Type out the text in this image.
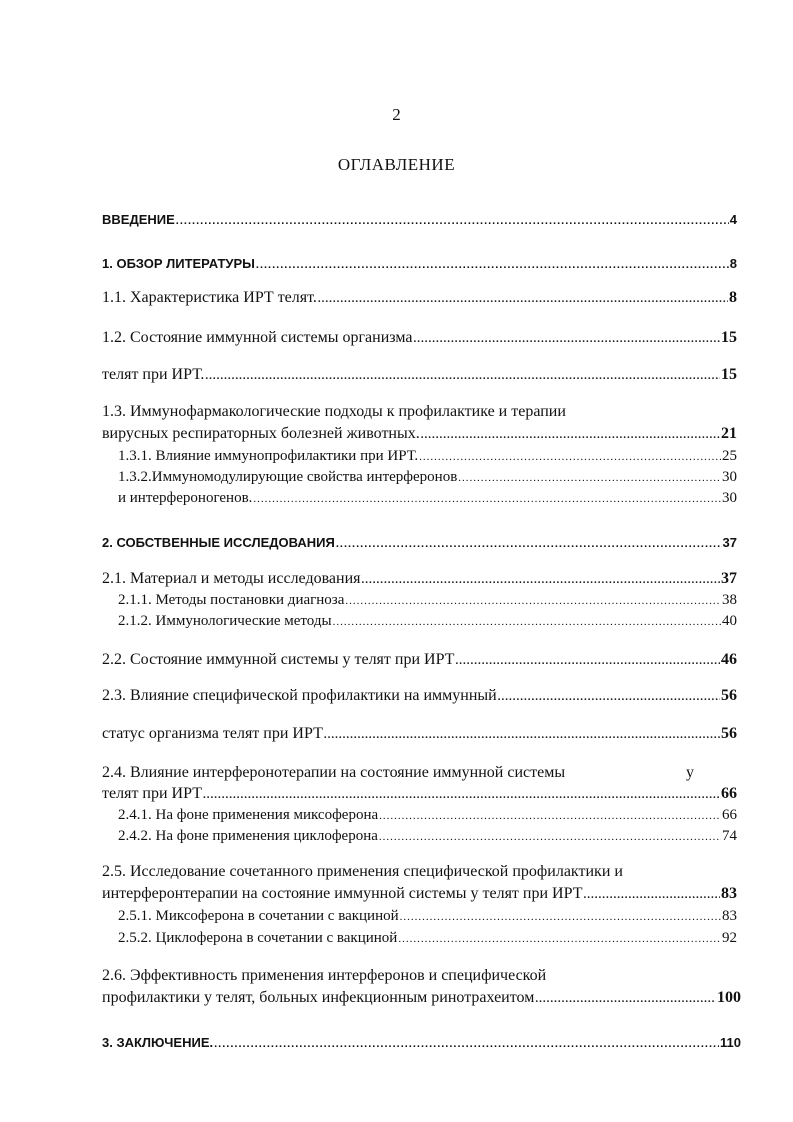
2
ОГЛАВЛЕНИЕ
ВВЕДЕНИЕ .....	4
1. ОБЗОР ЛИТЕРАТУРЫ .....	8
1.1. Характеристика ИРТ телят. .....	8
1.2. Состояние иммунной системы организма .....	15
телят при ИРТ. .....	15
1.3. Иммунофармакологические подходы к профилактике и терапии
вирусных респираторных болезней животных. .....	21
1.3.1. Влияние иммунопрофилактики при ИРТ. .....	25
1.3.2.Иммуномодулирующие свойства интерферонов .....	30
и интерфероногенов. .....	30
2. СОБСТВЕННЫЕ ИССЛЕДОВАНИЯ .....	37
2.1. Материал и методы исследования .....	37
2.1.1. Методы постановки диагноза .....	38
2.1.2. Иммунологические методы .....	40
2.2. Состояние иммунной системы у телят при ИРТ .....	46
2.3. Влияние специфической профилактики на иммунный .....	56
статус организма телят при ИРТ .....	56
2.4. Влияние интерферонотерапии на состояние иммунной системы	у
телят при ИРТ .....	66
2.4.1. На фоне применения миксоферона .....	66
2.4.2. На фоне применения циклоферона .....	74
2.5. Исследование сочетанного применения специфической профилактики и
интерферонтерапии на состояние иммунной системы у телят при ИРТ .....	83
2.5.1. Миксоферона в сочетании с вакциной .....	83
2.5.2. Циклоферона в сочетании с вакциной .....	92
2.6. Эффективность применения интерферонов и специфической
профилактики у телят, больных инфекционным ринотрахеитом .....	100
3. ЗАКЛЮЧЕНИЕ. .....	110
